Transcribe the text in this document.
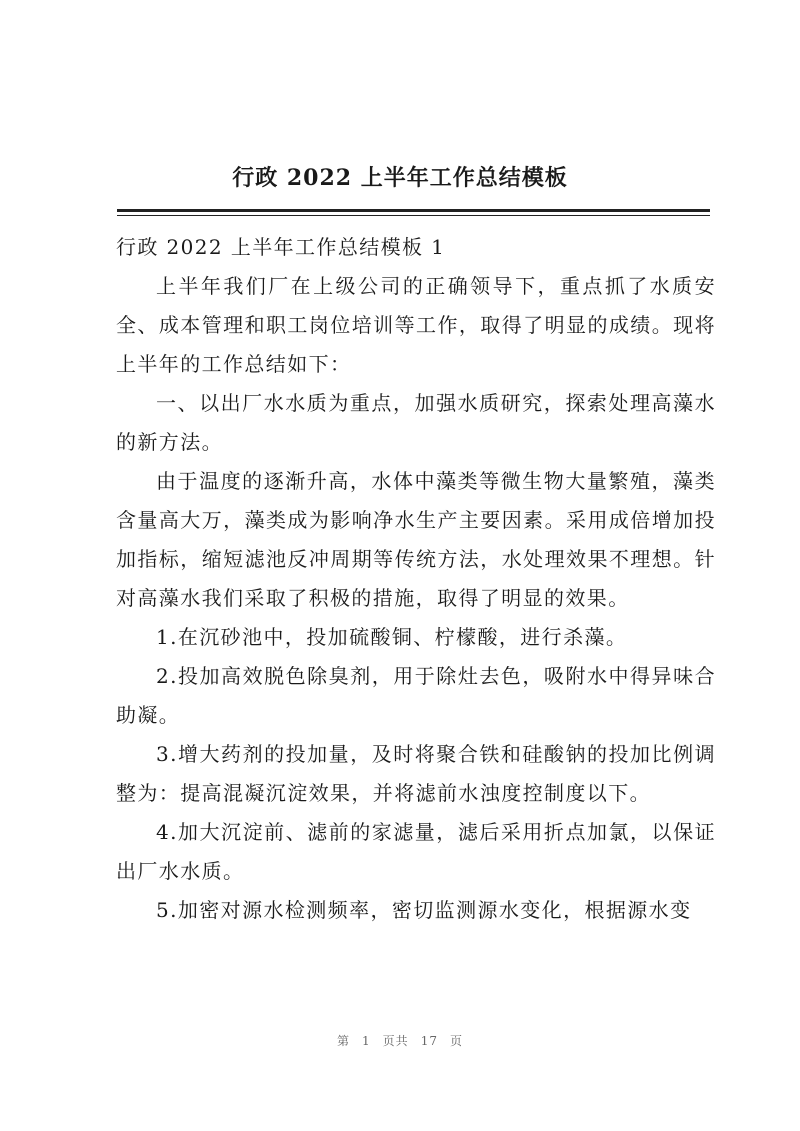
行政 2022 上半年工作总结模板

行政 2022 上半年工作总结模板 1

上半年我们厂在上级公司的正确领导下，重点抓了水质安全、成本管理和职工岗位培训等工作，取得了明显的成绩。现将上半年的工作总结如下：

一、以出厂水水质为重点，加强水质研究，探索处理高藻水的新方法。

由于温度的逐渐升高，水体中藻类等微生物大量繁殖，藻类含量高大万，藻类成为影响净水生产主要因素。采用成倍增加投加指标，缩短滤池反冲周期等传统方法，水处理效果不理想。针对高藻水我们采取了积极的措施，取得了明显的效果。

1.在沉砂池中，投加硫酸铜、柠檬酸，进行杀藻。

2.投加高效脱色除臭剂，用于除灶去色，吸附水中得异味合助凝。

3.增大药剂的投加量，及时将聚合铁和硅酸钠的投加比例调整为：提高混凝沉淀效果，并将滤前水浊度控制度以下。

4.加大沉淀前、滤前的家滤量，滤后采用折点加氯，以保证出厂水水质。

5.加密对源水检测频率，密切监测源水变化，根据源水变

第 1 页共 17 页
